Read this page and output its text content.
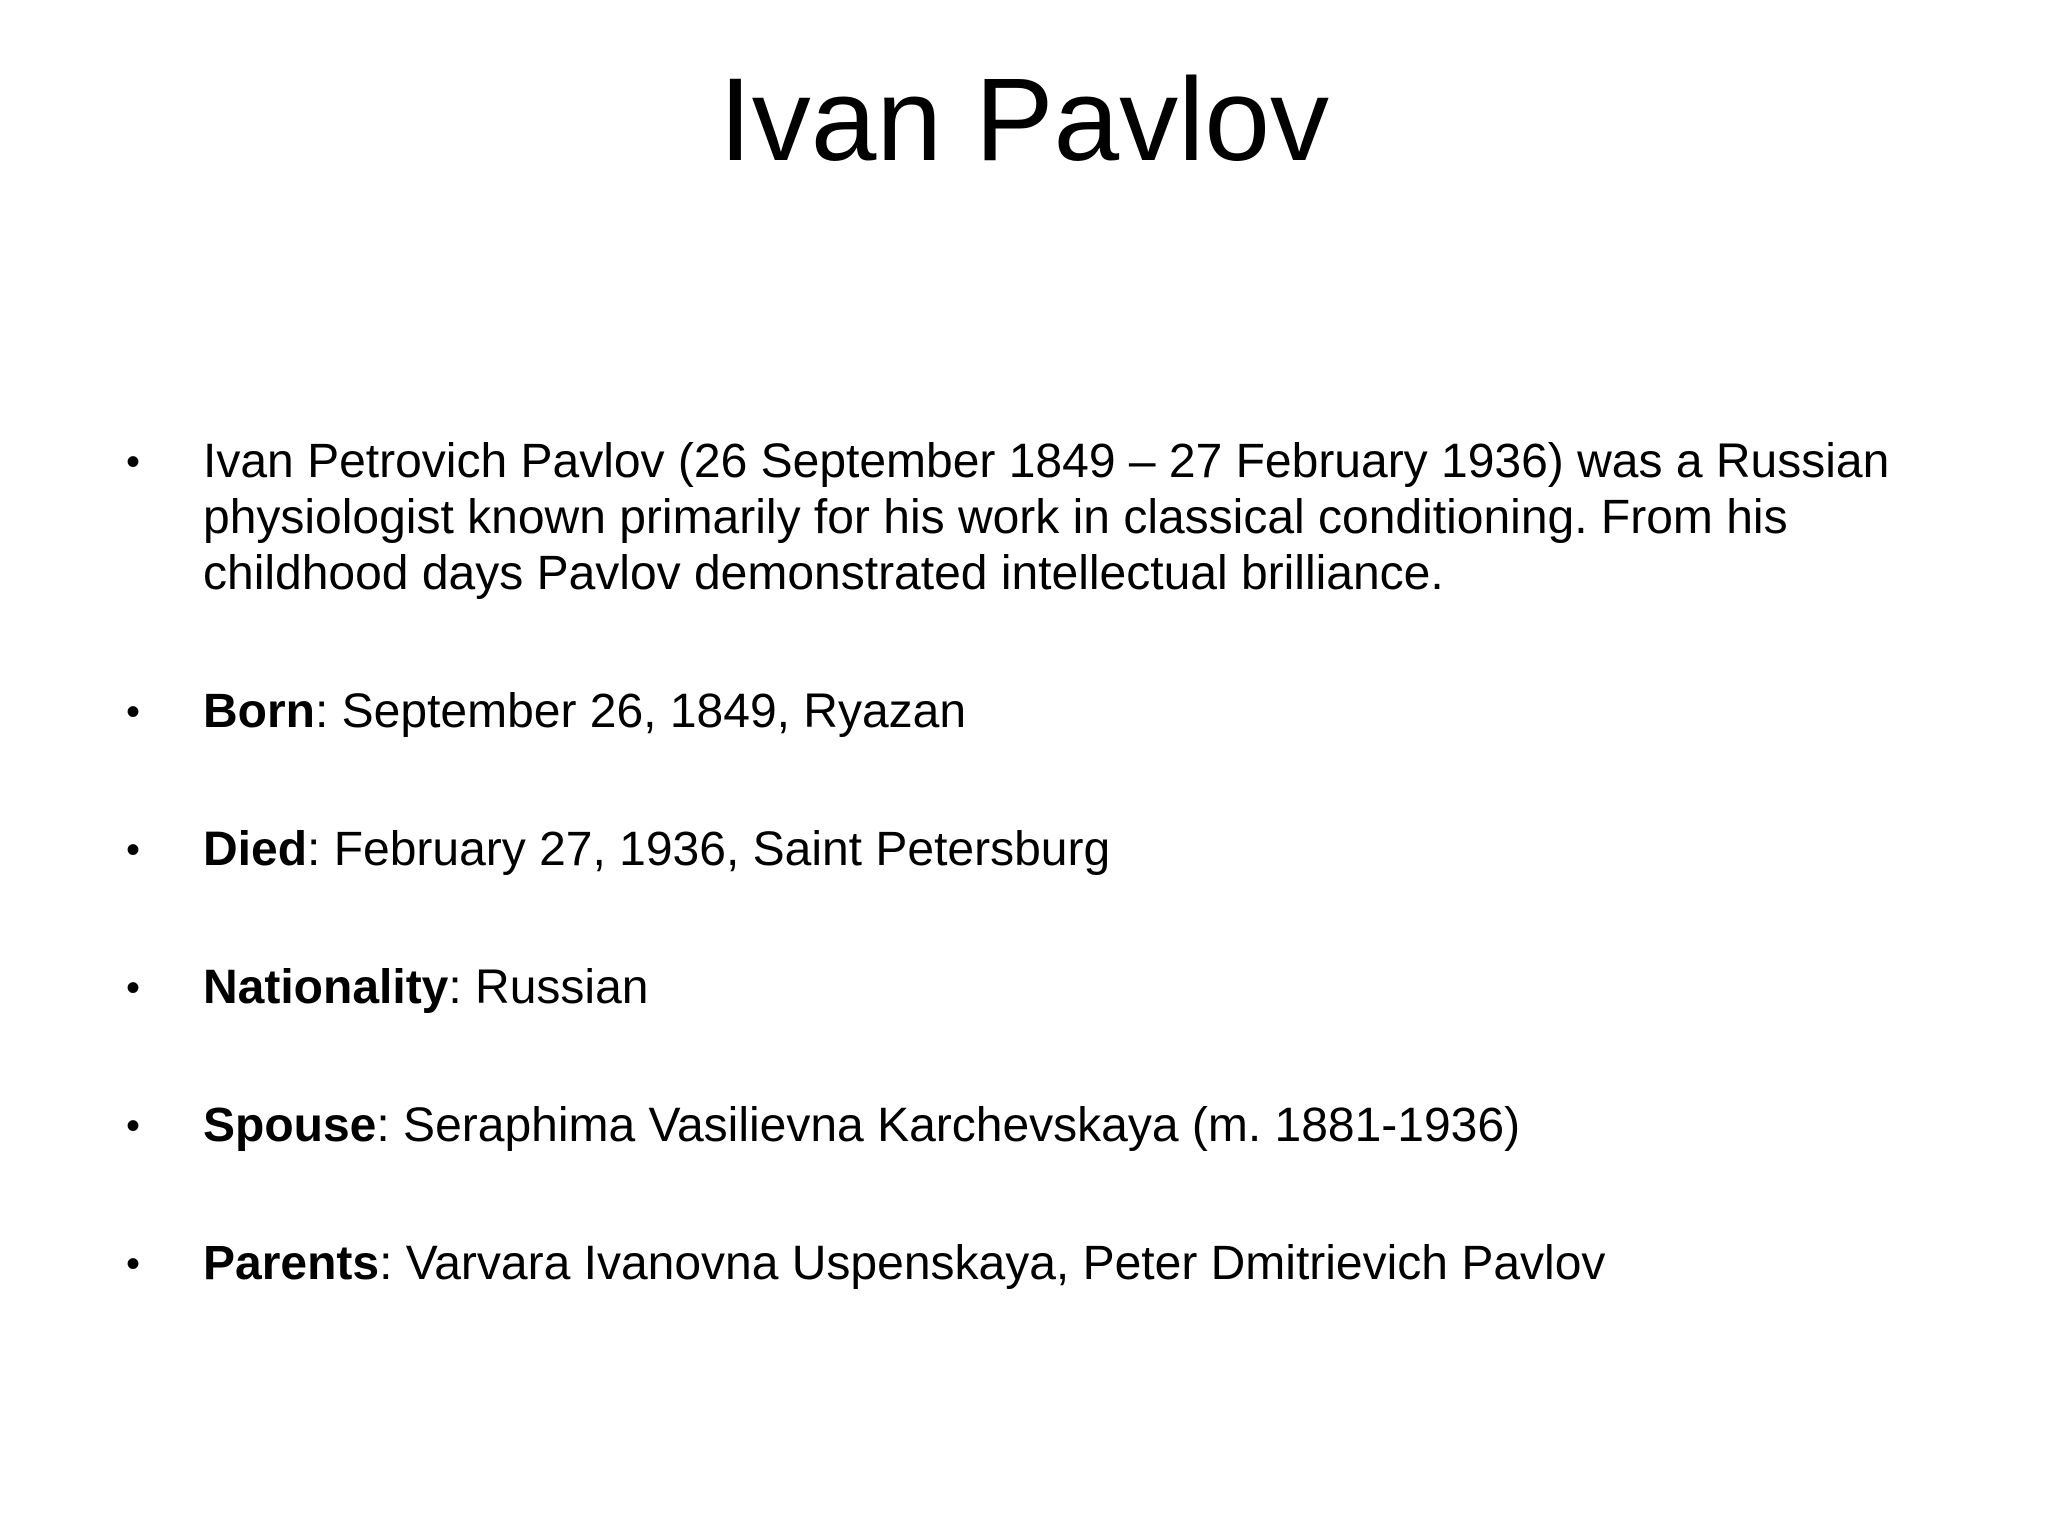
Ivan Pavlov
• Ivan Petrovich Pavlov (26 September 1849 – 27 February 1936) was a Russian physiologist known primarily for his work in classical conditioning. From his childhood days Pavlov demonstrated intellectual brilliance.
• Born: September 26, 1849, Ryazan
• Died: February 27, 1936, Saint Petersburg
• Nationality: Russian
• Spouse: Seraphima Vasilievna Karchevskaya (m. 1881-1936)
• Parents: Varvara Ivanovna Uspenskaya, Peter Dmitrievich Pavlov
